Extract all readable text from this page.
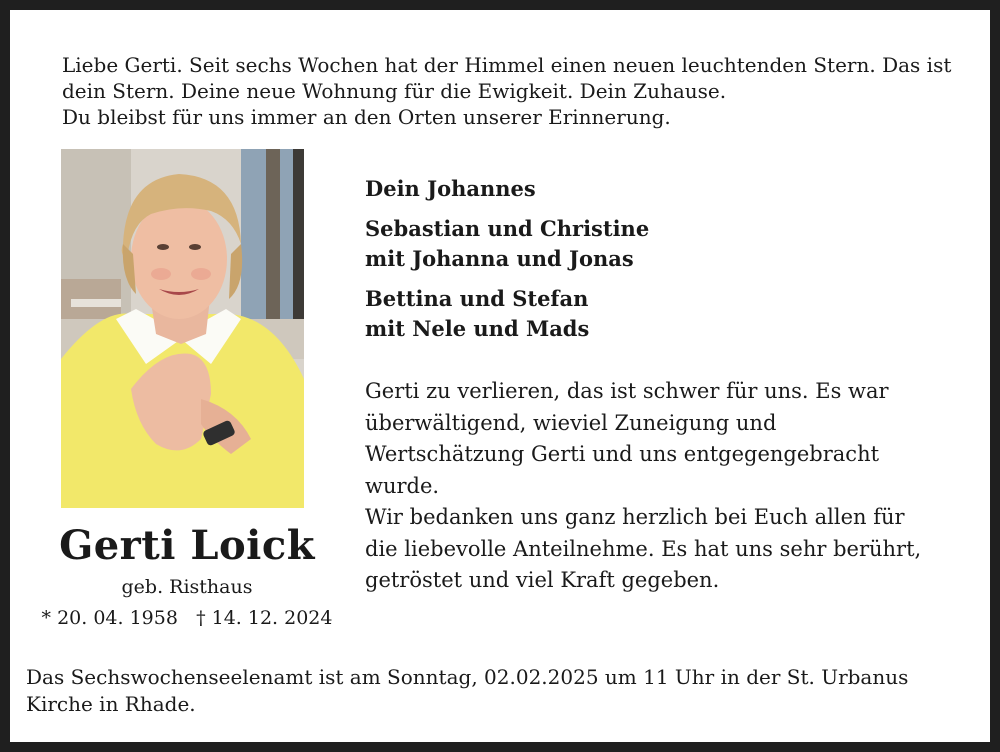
Liebe Gerti. Seit sechs Wochen hat der Himmel einen neuen leuchtenden Stern. Das ist
dein Stern. Deine neue Wohnung für die Ewigkeit. Dein Zuhause.
Du bleibst für uns immer an den Orten unserer Erinnerung.
Gerti Loick
geb. Risthaus
* 20. 04. 1958 † 14. 12. 2024
Dein Johannes
Sebastian und Christine
mit Johanna und Jonas
Bettina und Stefan
mit Nele und Mads
Gerti zu verlieren, das ist schwer für uns. Es war
überwältigend, wieviel Zuneigung und
Wertschätzung Gerti und uns entgegengebracht
wurde.
Wir bedanken uns ganz herzlich bei Euch allen für
die liebevolle Anteilnehme. Es hat uns sehr berührt,
getröstet und viel Kraft gegeben.
Das Sechswochenseelenamt ist am Sonntag, 02.02.2025 um 11 Uhr in der St. Urbanus
Kirche in Rhade.
